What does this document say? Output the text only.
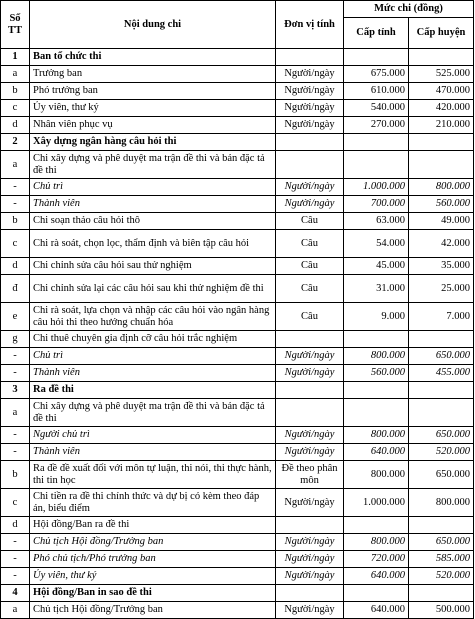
Số TT	Nội dung chi	Đơn vị tính	Mức chi (đồng)	
			Cấp tỉnh	Cấp huyện
1	Ban tổ chức thi			
a	Trưởng ban	Người/ngày	675.000	525.000
b	Phó trưởng ban	Người/ngày	610.000	470.000
c	Ủy viên, thư ký	Người/ngày	540.000	420.000
d	Nhân viên phục vụ	Người/ngày	270.000	210.000
2	Xây dựng ngân hàng câu hỏi thi			
a	Chi xây dựng và phê duyệt ma trận đề thi và bản đặc tả đề thi			
-	Chủ trì	Người/ngày	1.000.000	800.000
-	Thành viên	Người/ngày	700.000	560.000
b	Chi soạn thảo câu hỏi thô	Câu	63.000	49.000
c	Chi rà soát, chọn lọc, thẩm định và biên tập câu hỏi	Câu	54.000	42.000
d	Chi chỉnh sửa câu hỏi sau thử nghiệm	Câu	45.000	35.000
đ	Chi chỉnh sửa lại các câu hỏi sau khi thử nghiệm đề thi	Câu	31.000	25.000
e	Chi rà soát, lựa chọn và nhập các câu hỏi vào ngân hàng câu hỏi thi theo hướng chuẩn hóa	Câu	9.000	7.000
g	Chi thuê chuyên gia định cỡ câu hỏi trắc nghiệm			
-	Chủ trì	Người/ngày	800.000	650.000
-	Thành viên	Người/ngày	560.000	455.000
3	Ra đề thi			
a	Chi xây dựng và phê duyệt ma trận đề thi và bản đặc tả đề thi			
-	Người chủ trì	Người/ngày	800.000	650.000
-	Thành viên	Người/ngày	640.000	520.000
b	Ra đề đề xuất đối với môn tự luận, thi nói, thi thực hành, thi tin học	Đề theo phân môn	800.000	650.000
c	Chi tiền ra đề thi chính thức và dự bị có kèm theo đáp án, biểu điểm	Người/ngày	1.000.000	800.000
d	Hội đồng/Ban ra đề thi			
-	Chủ tịch Hội đồng/Trưởng ban	Người/ngày	800.000	650.000
-	Phó chủ tịch/Phó trưởng ban	Người/ngày	720.000	585.000
-	Ủy viên, thư ký	Người/ngày	640.000	520.000
4	Hội đồng/Ban in sao đề thi			
a	Chủ tịch Hội đồng/Trưởng ban	Người/ngày	640.000	500.000
